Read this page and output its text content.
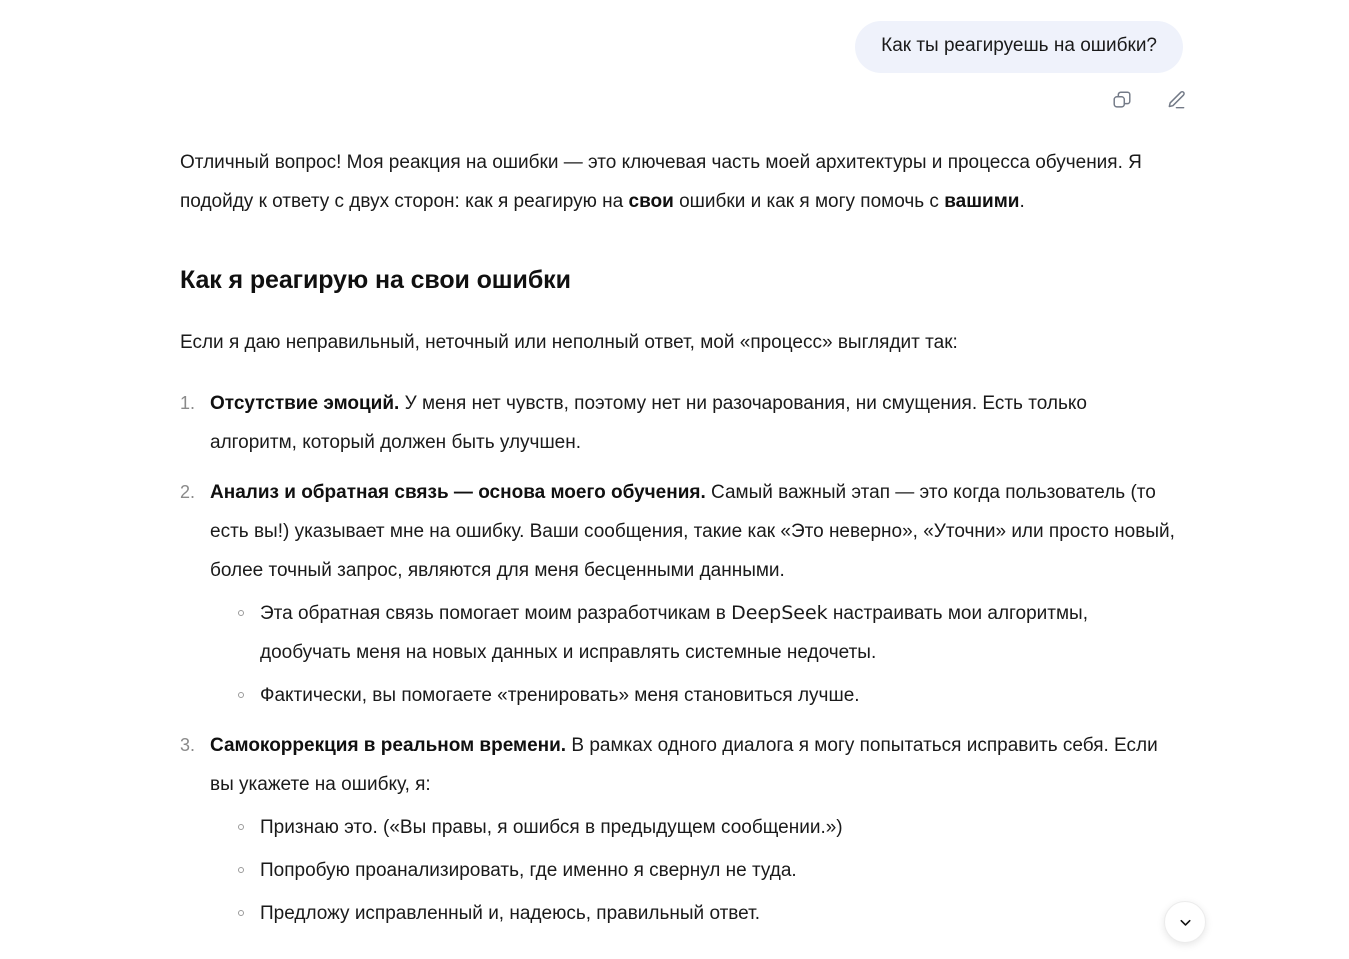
Как ты реагируешь на ошибки?

Отличный вопрос! Моя реакция на ошибки — это ключевая часть моей архитектуры и процесса обучения. Я подойду к ответу с двух сторон: как я реагирую на свои ошибки и как я могу помочь с вашими.

Как я реагирую на свои ошибки

Если я даю неправильный, неточный или неполный ответ, мой «процесс» выглядит так:

1. Отсутствие эмоций. У меня нет чувств, поэтому нет ни разочарования, ни смущения. Есть только алгоритм, который должен быть улучшен.
2. Анализ и обратная связь — основа моего обучения. Самый важный этап — это когда пользователь (то есть вы!) указывает мне на ошибку. Ваши сообщения, такие как «Это неверно», «Уточни» или просто новый, более точный запрос, являются для меня бесценными данными.
Эта обратная связь помогает моим разработчикам в DeepSeek настраивать мои алгоритмы, дообучать меня на новых данных и исправлять системные недочеты.
Фактически, вы помогаете «тренировать» меня становиться лучше.
3. Самокоррекция в реальном времени. В рамках одного диалога я могу попытаться исправить себя. Если вы укажете на ошибку, я:
Признаю это. («Вы правы, я ошибся в предыдущем сообщении.»)
Попробую проанализировать, где именно я свернул не туда.
Предложу исправленный и, надеюсь, правильный ответ.
